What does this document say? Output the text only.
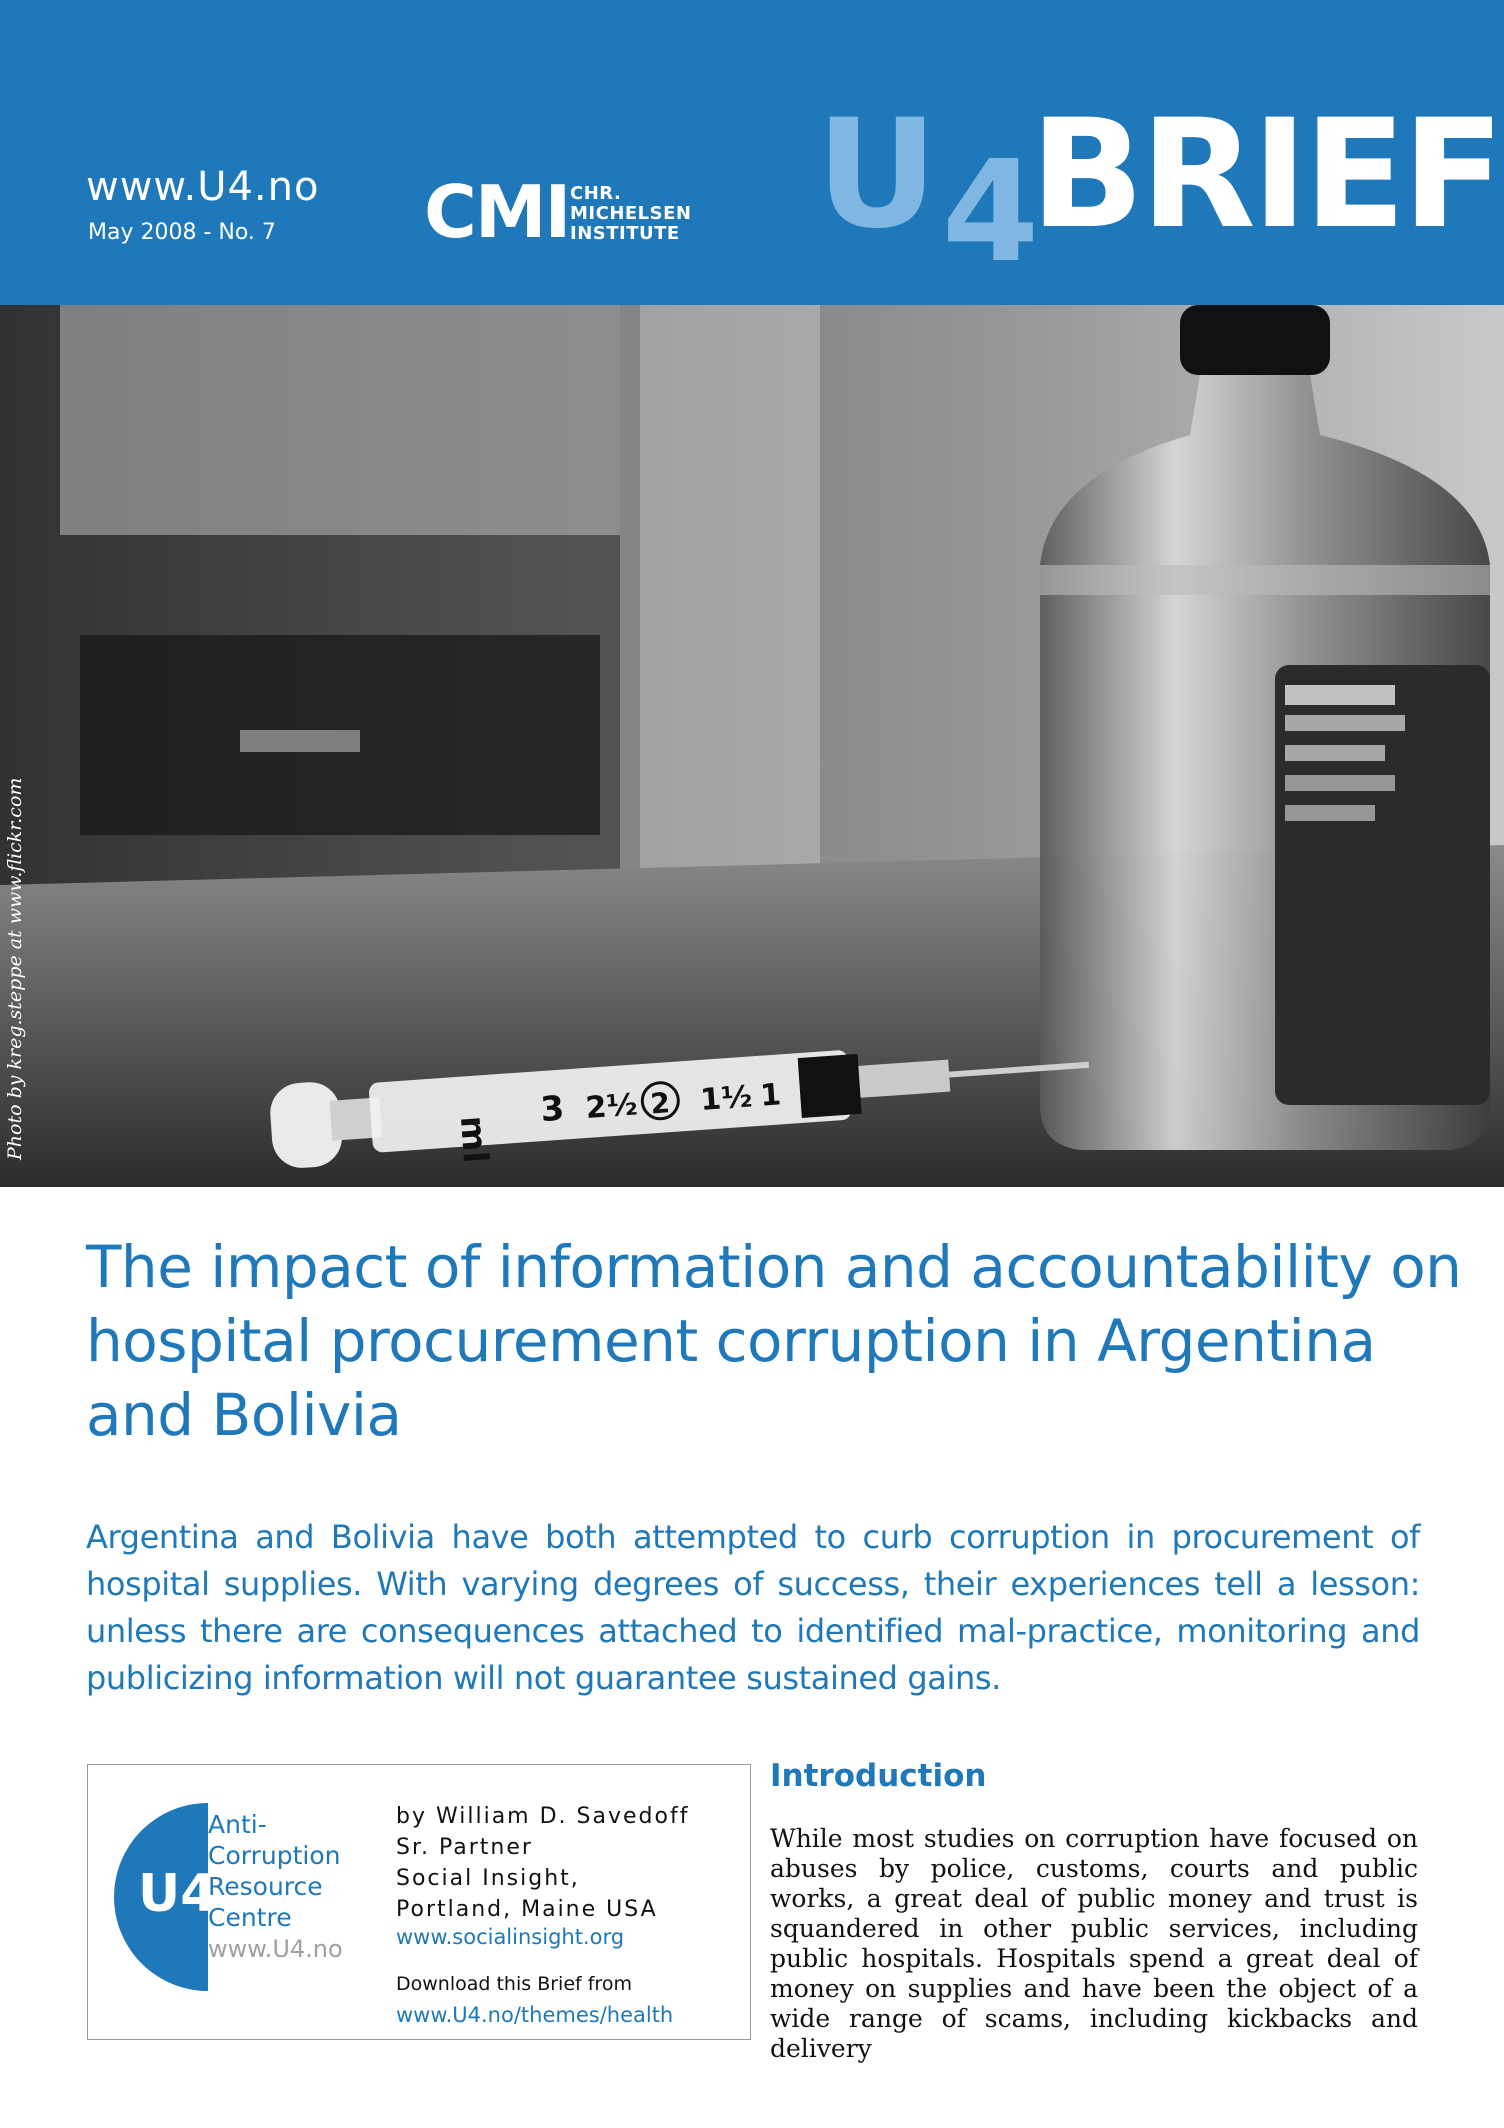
www.U4.no
May 2008 - No. 7 CMI CHR.
MICHELSEN
INSTITUTE U4
BRIEF
ml
3 2½ 2 1½ 1
Photo by kreg.steppe at www.flickr.com
The impact of information and accountability on hospital procurement corruption in Argentina and Bolivia

Argentina and Bolivia have both attempted to curb corruption in procurement of hospital supplies. With varying degrees of success, their experiences tell a lesson: unless there are consequences attached to identified mal-practice, monitoring and publicizing information will not guarantee sustained gains.

U4
Anti-
Corruption
Resource
Centre
www.U4.no
by William D. Savedoff
Sr. Partner
Social Insight,
Portland, Maine USA
www.socialinsight.org
Download this Brief from
www.U4.no/themes/health
Introduction

While most studies on corruption have focused on abuses by police, customs, courts and public works, a great deal of public money and trust is squandered in other public services, including public hospitals. Hospitals spend a great deal of money on supplies and have been the object of a wide range of scams, including kickbacks and delivery
